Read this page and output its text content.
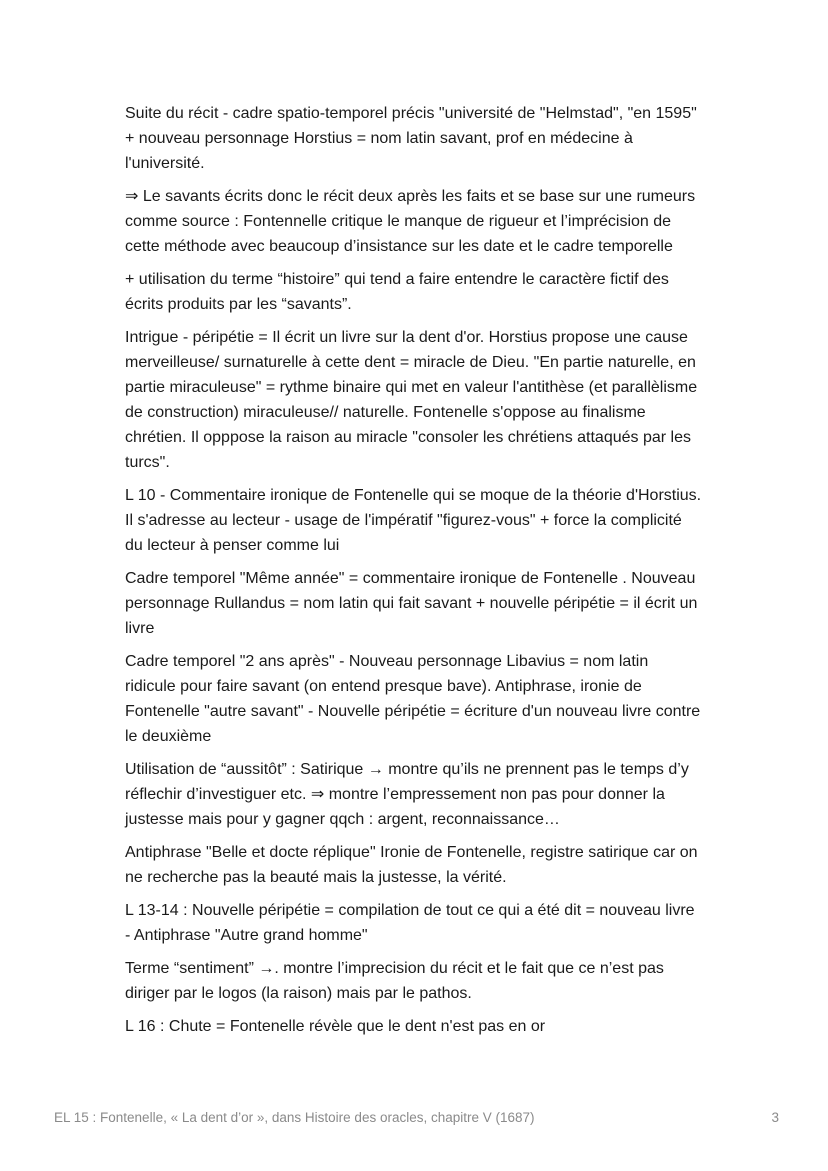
Suite du récit - cadre spatio-temporel précis "université de "Helmstad", "en 1595"
+ nouveau personnage Horstius = nom latin savant, prof en médecine à
l'université.

⇒ Le savants écrits donc le récit deux après les faits et se base sur une rumeurs
comme source : Fontennelle critique le manque de rigueur et l’imprécision de
cette méthode avec beaucoup d’insistance sur les date et le cadre temporelle

+ utilisation du terme “histoire” qui tend a faire entendre le caractère fictif des
écrits produits par les “savants”.

Intrigue - péripétie = Il écrit un livre sur la dent d'or. Horstius propose une cause
merveilleuse/ surnaturelle à cette dent = miracle de Dieu. "En partie naturelle, en
partie miraculeuse" = rythme binaire qui met en valeur l'antithèse (et parallèlisme
de construction) miraculeuse// naturelle. Fontenelle s'oppose au finalisme
chrétien. Il opppose la raison au miracle "consoler les chrétiens attaqués par les
turcs".

L 10 - Commentaire ironique de Fontenelle qui se moque de la théorie d'Horstius.
Il s'adresse au lecteur - usage de l'impératif "figurez-vous" + force la complicité
du lecteur à penser comme lui

Cadre temporel "Même année" = commentaire ironique de Fontenelle . Nouveau
personnage Rullandus = nom latin qui fait savant + nouvelle péripétie = il écrit un
livre

Cadre temporel "2 ans après" - Nouveau personnage Libavius = nom latin
ridicule pour faire savant (on entend presque bave). Antiphrase, ironie de
Fontenelle "autre savant" - Nouvelle péripétie = écriture d'un nouveau livre contre
le deuxième

Utilisation de “aussitôt” : Satirique → montre qu’ils ne prennent pas le temps d’y
réflechir d’investiguer etc. ⇒ montre l’empressement non pas pour donner la
justesse mais pour y gagner qqch : argent, reconnaissance…

Antiphrase "Belle et docte réplique" Ironie de Fontenelle, registre satirique car on
ne recherche pas la beauté mais la justesse, la vérité.

L 13-14 : Nouvelle péripétie = compilation de tout ce qui a été dit = nouveau livre
- Antiphrase "Autre grand homme"

Terme “sentiment” →. montre l’imprecision du récit et le fait que ce n’est pas
diriger par le logos (la raison) mais par le pathos.

L 16 : Chute = Fontenelle révèle que le dent n'est pas en or

EL 15 : Fontenelle, « La dent d’or », dans Histoire des oracles, chapitre V (1687)	3
